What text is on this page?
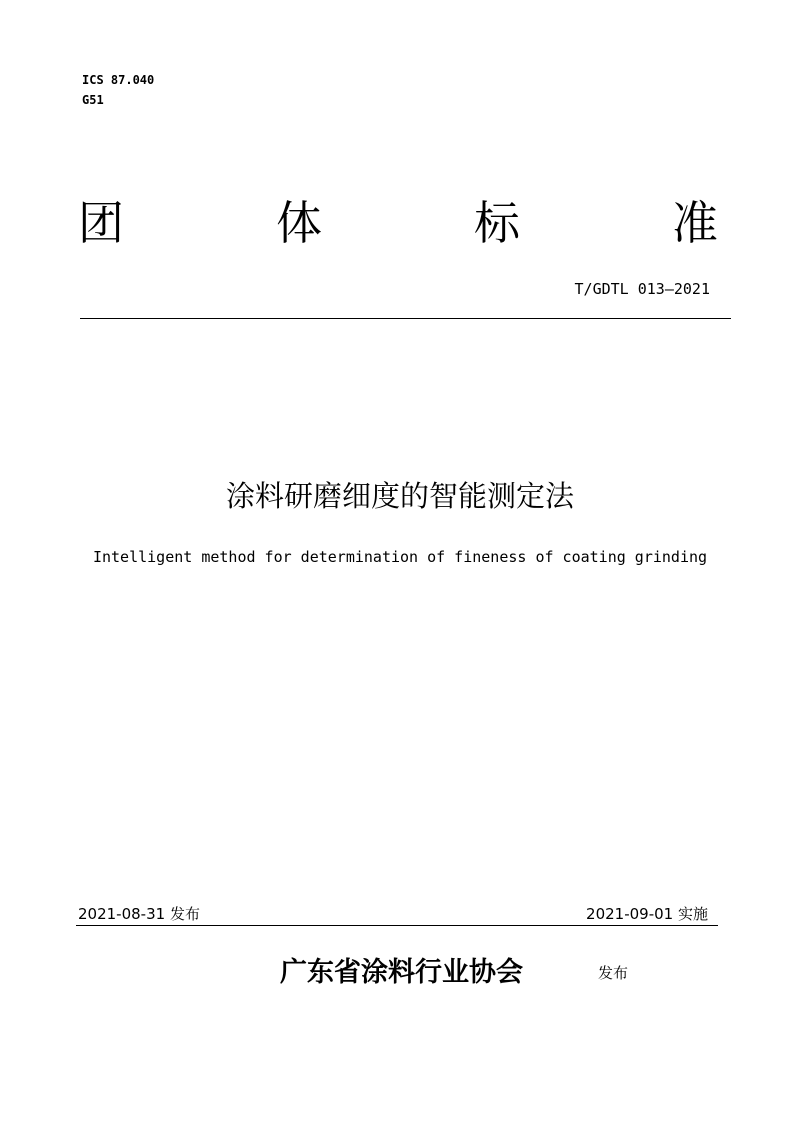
ICS 87.040
G51
团	体	标	准
T/GDTL 013—2021
涂料研磨细度的智能测定法
Intelligent method for determination of fineness of coating grinding
2021-08-31 发布	2021-09-01 实施
广东省涂料行业协会	发布
